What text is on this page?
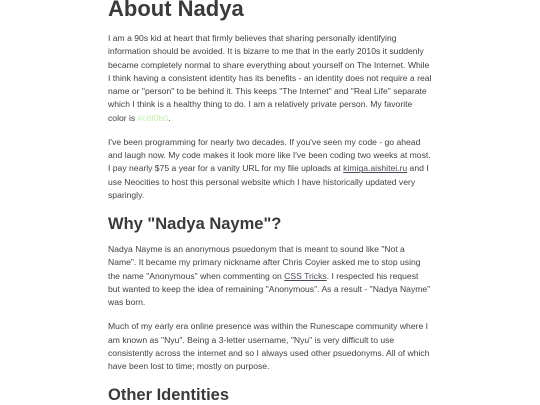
About Nadya

I am a 90s kid at heart that firmly believes that sharing personally identifying information should be avoided. It is bizarre to me that in the early 2010s it suddenly became completely normal to share everything about yourself on The Internet. While I think having a consistent identity has its benefits - an identity does not require a real name or "person" to be behind it. This keeps "The Internet" and "Real Life" separate which I think is a healthy thing to do. I am a relatively private person. My favorite color is #c8f0b0.

I've been programming for nearly two decades. If you've seen my code - go ahead and laugh now. My code makes it look more like I've been coding two weeks at most. I pay nearly $75 a year for a vanity URL for my file uploads at kimiga.aishitei.ru and I use Neocities to host this personal website which I have historically updated very sparingly.

Why "Nadya Nayme"?

Nadya Nayme is an anonymous psuedonym that is meant to sound like "Not a Name". It became my primary nickname after Chris Coyier asked me to stop using the name "Anonymous" when commenting on CSS Tricks. I respected his request but wanted to keep the idea of remaining "Anonymous". As a result - "Nadya Nayme" was born.

Much of my early era online presence was within the Runescape community where I am known as "Nyu". Being a 3-letter username, "Nyu" is very difficult to use consistently across the internet and so I always used other psuedonyms. All of which have been lost to time; mostly on purpose.

Other Identities
